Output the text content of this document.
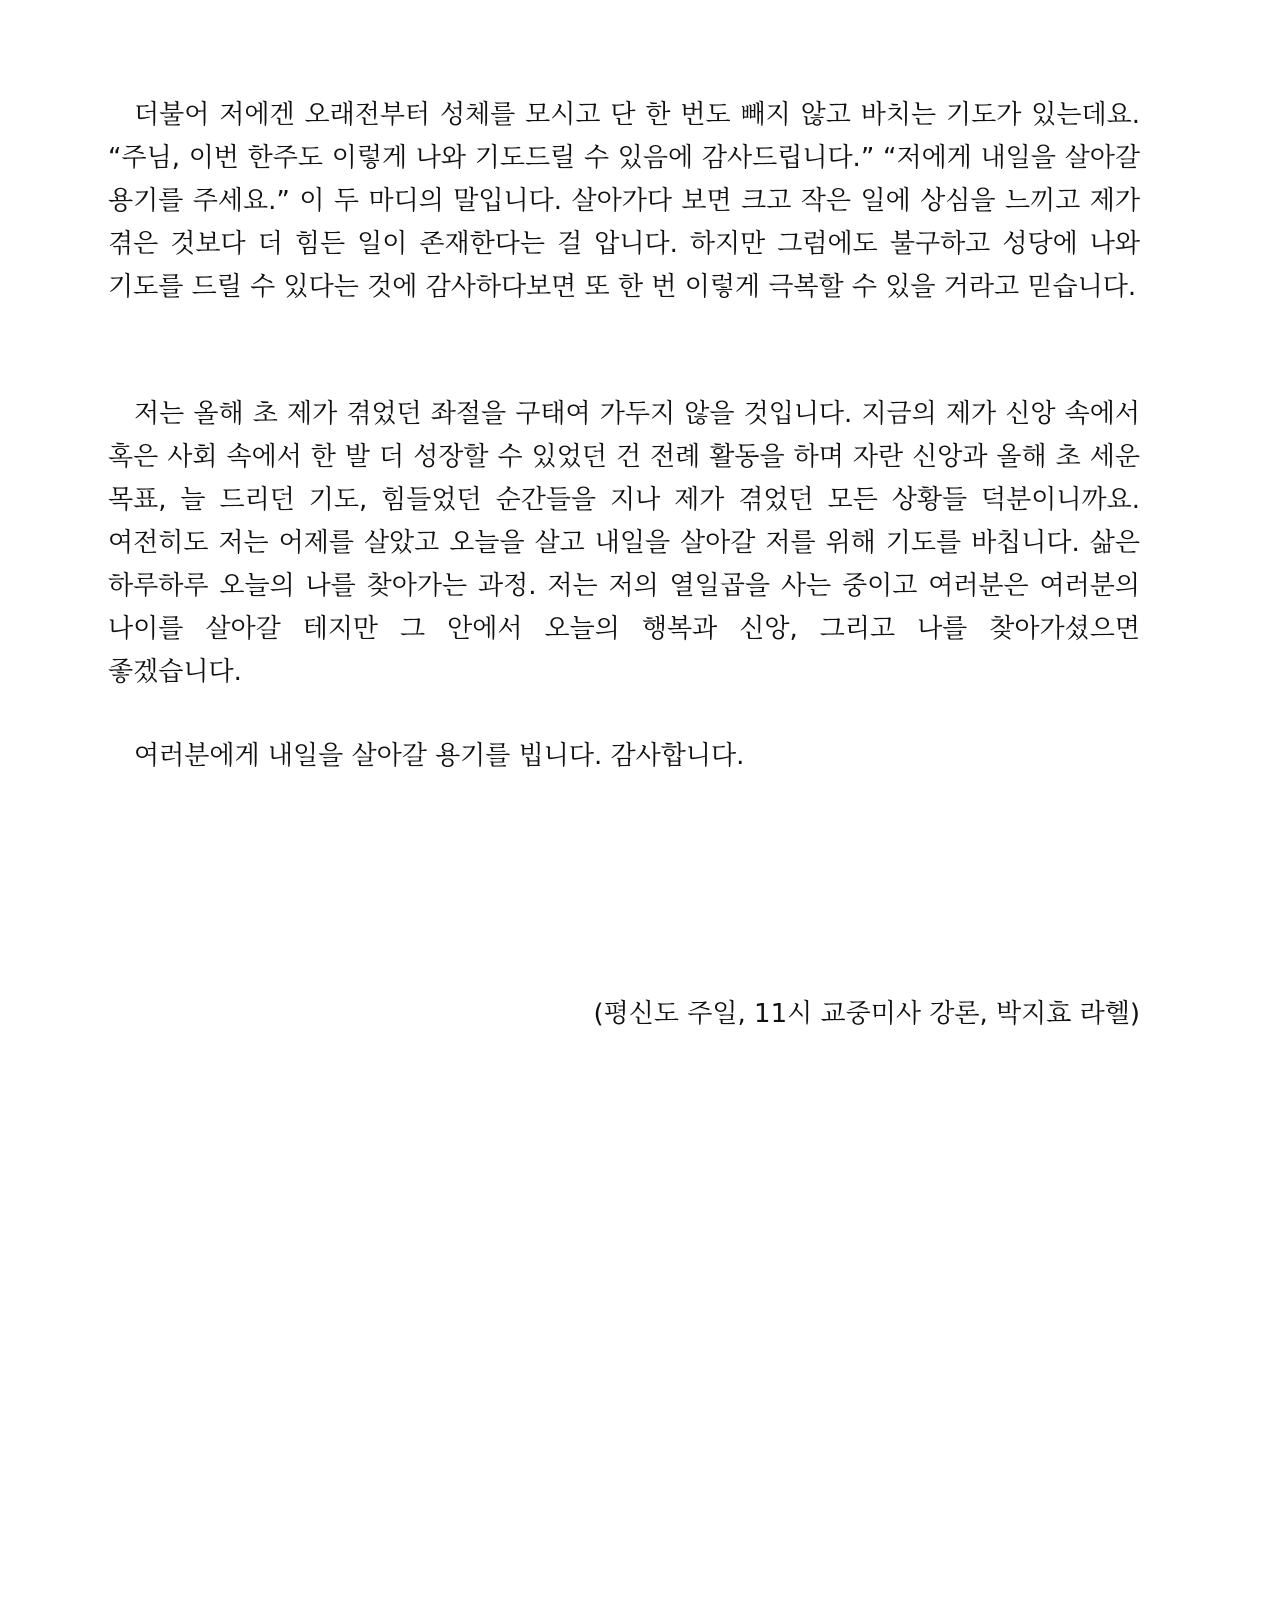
더불어 저에겐 오래전부터 성체를 모시고 단 한 번도 빼지 않고 바치는 기도가 있는데요. “주님, 이번 한주도 이렇게 나와 기도드릴 수 있음에 감사드립니다.” “저에게 내일을 살아갈 용기를 주세요.” 이 두 마디의 말입니다. 살아가다 보면 크고 작은 일에 상심을 느끼고 제가 겪은 것보다 더 힘든 일이 존재한다는 걸 압니다. 하지만 그럼에도 불구하고 성당에 나와 기도를 드릴 수 있다는 것에 감사하다보면 또 한 번 이렇게 극복할 수 있을 거라고 믿습니다.

저는 올해 초 제가 겪었던 좌절을 구태여 가두지 않을 것입니다. 지금의 제가 신앙 속에서 혹은 사회 속에서 한 발 더 성장할 수 있었던 건 전례 활동을 하며 자란 신앙과 올해 초 세운 목표, 늘 드리던 기도, 힘들었던 순간들을 지나 제가 겪었던 모든 상황들 덕분이니까요. 여전히도 저는 어제를 살았고 오늘을 살고 내일을 살아갈 저를 위해 기도를 바칩니다. 삶은 하루하루 오늘의 나를 찾아가는 과정. 저는 저의 열일곱을 사는 중이고 여러분은 여러분의 나이를 살아갈 테지만 그 안에서 오늘의 행복과 신앙, 그리고 나를 찾아가셨으면 좋겠습니다.

여러분에게 내일을 살아갈 용기를 빕니다. 감사합니다.

(평신도 주일, 11시 교중미사 강론, 박지효 라헬)
